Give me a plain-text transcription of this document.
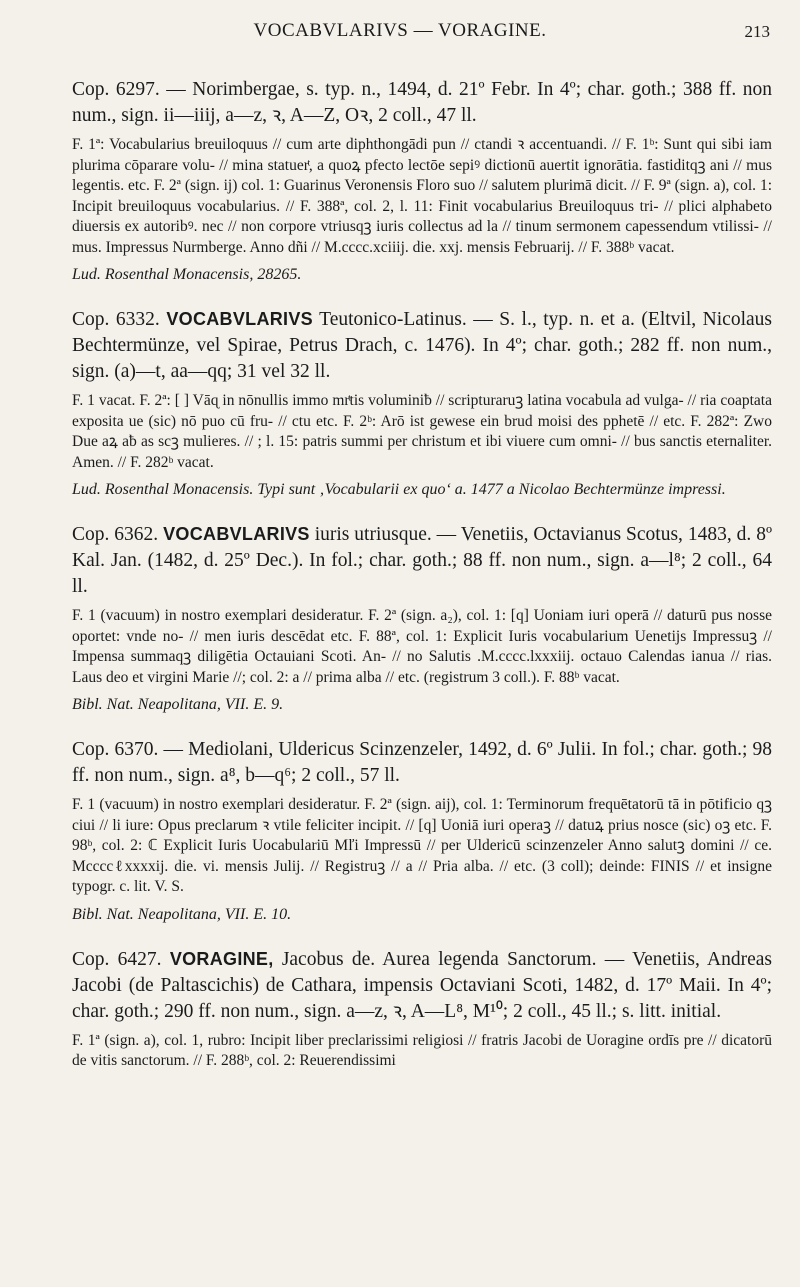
VOCABVLARIVS — VORAGINE.	213

Cop. 6297. — Norimbergae, s. typ. n., 1494, d. 21º Febr. In 4º; char. goth.; 388 ff. non num., sign. ii—iiij, a—z, ꝛ, A—Z, Oꝛ, 2 coll., 47 ll.

F. 1ª: Vocabularius breuiloquus // cum arte diphthongādi pun // ctandi ꝛ accentuandi. // F. 1ᵇ: Sunt qui sibi iam plurima cōparare volu- // mina statuerͭ, a quoꝝ pfecto lectōe sepiꝰ dictionū auertit ignorātia. fastiditqꝫ ani // mus legentis. etc. F. 2ª (sign. ij) col. 1: Guarinus Veronensis Floro suo // salutem plurimā dicit. // F. 9ª (sign. a), col. 1: Incipit breuiloquus vocabularius. // F. 388ª, col. 2, l. 11: Finit vocabularius Breuiloquus tri- // plici alphabeto diuersis ex autoribꝰ. nec // non corpore vtriusqꝫ iuris collectus ad la // tinum sermonem capessendum vtilissi- // mus. Impressus Nurmberge. Anno dñi // M.cccc.xciiij. die. xxj. mensis Februarij. // F. 388ᵇ vacat.

Lud. Rosenthal Monacensis, 28265.

Cop. 6332. VOCABVLARIVS Teutonico-Latinus. — S. l., typ. n. et a. (Eltvil, Nicolaus Bechtermünze, vel Spirae, Petrus Drach, c. 1476). In 4º; char. goth.; 282 ff. non num., sign. (a)—t, aa—qq; 31 vel 32 ll.

F. 1 vacat. F. 2ª: [ ] Vāɋ in nōnullis immo mrͭtis voluminiƀ // scripturaruꝫ latina vocabula ad vulga- // ria coaptata exposita ue (sic) nō puo cū fru- // ctu etc. F. 2ᵇ: Arō ist gewese ein brud moisi des pphetē // etc. F. 282ª: Zwo Due aꝝ aƀ as scꝫ mulieres. // ; l. 15: patris summi per christum et ibi viuere cum omni- // bus sanctis eternaliter. Amen. // F. 282ᵇ vacat.

Lud. Rosenthal Monacensis. Typi sunt ‚Vocabularii ex quo‘ a. 1477 a Nicolao Bechtermünze impressi.

Cop. 6362. VOCABVLARIVS iuris utriusque. — Venetiis, Octavianus Scotus, 1483, d. 8º Kal. Jan. (1482, d. 25º Dec.). In fol.; char. goth.; 88 ff. non num., sign. a—l⁸; 2 coll., 64 ll.

F. 1 (vacuum) in nostro exemplari desideratur. F. 2ª (sign. a₂), col. 1: [q] Uoniam iuri operā // daturū pus nosse oportet: vnde no- // men iuris descēdat etc. F. 88ª, col. 1: Explicit Iuris vocabularium Uenetijs Impressuꝫ // Impensa summaqꝫ diligētia Octauiani Scoti. An- // no Salutis .M.cccc.lxxxiij. octauo Calendas ianua // rias. Laus deo et virgini Marie //; col. 2: a // prima alba // etc. (registrum 3 coll.). F. 88ᵇ vacat.

Bibl. Nat. Neapolitana, VII. E. 9.

Cop. 6370. — Mediolani, Uldericus Scinzenzeler, 1492, d. 6º Julii. In fol.; char. goth.; 98 ff. non num., sign. a⁸, b—q⁶; 2 coll., 57 ll.

F. 1 (vacuum) in nostro exemplari desideratur. F. 2ª (sign. aij), col. 1: Terminorum frequētatorū tā in pōtificio qꝫ ciui // li iure: Opus preclarum ꝛ vtile feliciter incipit. // [q] Uoniā iuri operaꝫ // datuꝝ prius nosce (sic) oꝫ etc. F. 98ᵇ, col. 2: ℂ Explicit Iuris Uocabulariū Mľi Impressū // per Uldericū scinzenzeler Anno salutꝫ domini // ce. Mccccℓxxxxij. die. vi. mensis Julij. // Registruꝫ // a // Pria alba. // etc. (3 coll); deinde: FINIS // et insigne typogr. c. lit. V. S.

Bibl. Nat. Neapolitana, VII. E. 10.

Cop. 6427. VORAGINE, Jacobus de. Aurea legenda Sanctorum. — Venetiis, Andreas Jacobi (de Paltascichis) de Cathara, impensis Octaviani Scoti, 1482, d. 17º Maii. In 4º; char. goth.; 290 ff. non num., sign. a—z, ꝛ, A—L⁸, M¹⁰; 2 coll., 45 ll.; s. litt. initial.

F. 1ª (sign. a), col. 1, rubro: Incipit liber preclarissimi religiosi // fratris Jacobi de Uoragine ordīs pre // dicatorū de vitis sanctorum. // F. 288ᵇ, col. 2: Reuerendissimi
